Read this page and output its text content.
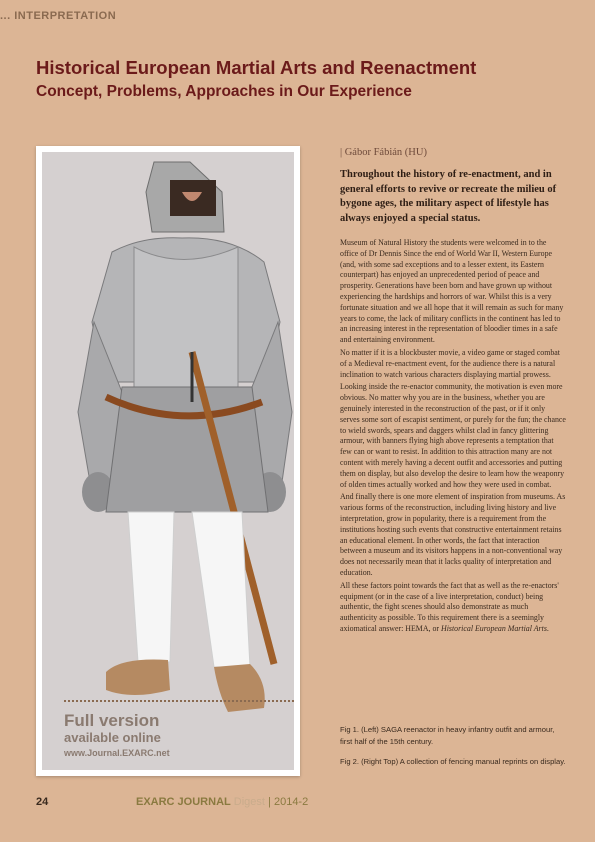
... INTERPRETATION
Historical European Martial Arts and Reenactment
Concept, Problems, Approaches in Our Experience
Full version
available online
www.Journal.EXARC.net
| Gábor Fábián (HU)
Throughout the history of re-enactment, and in general efforts to revive or recreate the milieu of bygone ages, the military aspect of lifestyle has always enjoyed a special status.

Museum of Natural History the students were welcomed in to the office of Dr Dennis Since the end of World War II, Western Europe (and, with some sad exceptions and to a lesser extent, its Eastern counterpart) has enjoyed an unprecedented period of peace and prosperity. Generations have been born and have grown up without experiencing the hardships and horrors of war. Whilst this is a very fortunate situation and we all hope that it will remain as such for many years to come, the lack of military conflicts in the continent has led to an increasing interest in the representation of bloodier times in a safe and entertaining environment.

No matter if it is a blockbuster movie, a video game or staged combat of a Medieval re-enactment event, for the audience there is a natural inclination to watch various characters displaying martial prowess.

Looking inside the re-enactor community, the motivation is even more obvious. No matter why you are in the business, whether you are genuinely interested in the reconstruction of the past, or if it only serves some sort of escapist sentiment, or purely for the fun; the chance to wield swords, spears and daggers whilst clad in fancy glittering armour, with banners flying high above represents a temptation that few can or want to resist. In addition to this attraction many are not content with merely having a decent outfit and accessories and putting them on display, but also develop the desire to learn how the weaponry of olden times actually worked and how they were used in combat.

And finally there is one more element of inspiration from museums. As various forms of the reconstruction, including living history and live interpretation, grow in popularity, there is a requirement from the institutions hosting such events that constructive entertainment retains an educational element. In other words, the fact that interaction between a museum and its visitors happens in a non-conventional way does not necessarily mean that it lacks quality of interpretation and education.

All these factors point towards the fact that as well as the re-enactors' equipment (or in the case of a live interpretation, conduct) being authentic, the fight scenes should also demonstrate as much authenticity as possible. To this requirement there is a seemingly axiomatical answer: HEMA, or Historical European Martial Arts.

Fig 1. (Left) SAGA reenactor in heavy infantry outfit and armour, first half of the 15th century.
Fig 2. (Right Top) A collection of fencing manual reprints on display.
24	EXARC JOURNAL Digest | 2014-2
